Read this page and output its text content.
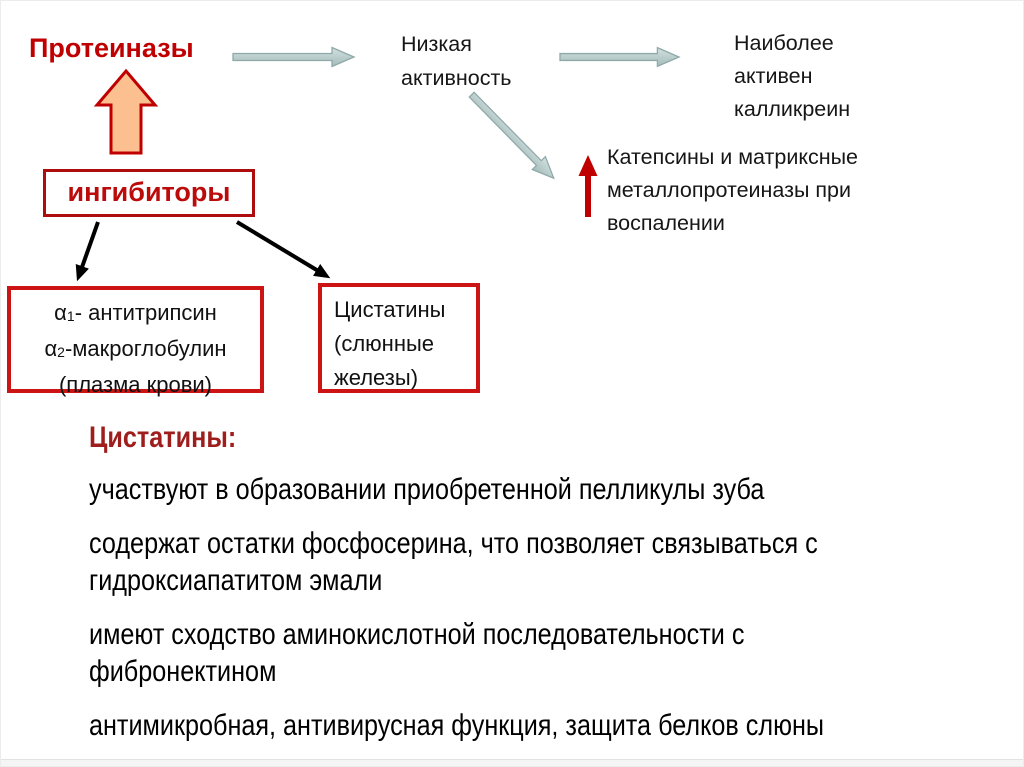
Протеиназы	Низкая
активность
Наиболее
активен
калликреин
Катепсины и матриксные
металлопротеиназы при
воспалении
ингибиторы
α1- антитрипсин
α2-макроглобулин
(плазма крови)
Цистатины
(слюнные
железы)
Цистатины:
участвуют в образовании приобретенной пелликулы зуба
содержат остатки фосфосерина, что позволяет связываться с
гидроксиапатитом эмали
имеют сходство аминокислотной последовательности с
фибронектином
антимикробная, антивирусная функция, защита белков слюны
